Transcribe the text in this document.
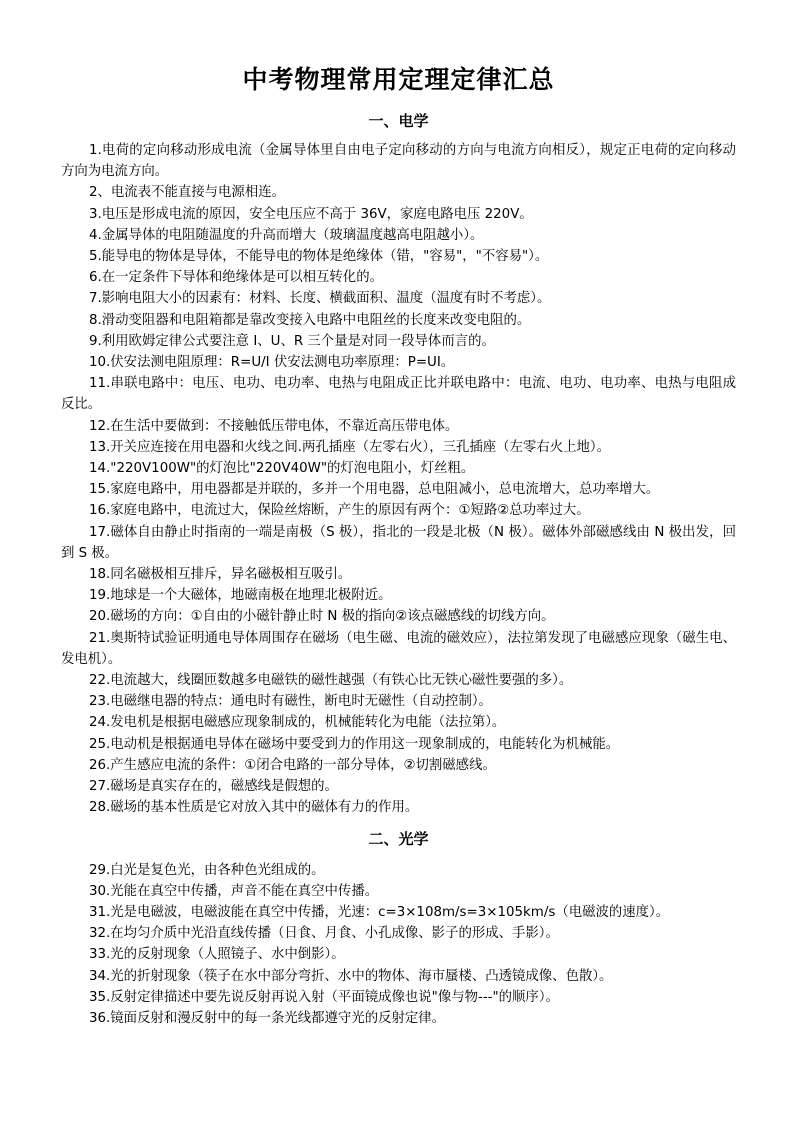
中考物理常用定理定律汇总
一、电学

1.电荷的定向移动形成电流（金属导体里自由电子定向移动的方向与电流方向相反），规定正电荷的定向移动方向为电流方向。

2、电流表不能直接与电源相连。

3.电压是形成电流的原因，安全电压应不高于 36V，家庭电路电压 220V。

4.金属导体的电阻随温度的升高而增大（玻璃温度越高电阻越小）。

5.能导电的物体是导体，不能导电的物体是绝缘体（错，"容易"，"不容易"）。

6.在一定条件下导体和绝缘体是可以相互转化的。

7.影响电阻大小的因素有：材料、长度、横截面积、温度（温度有时不考虑）。

8.滑动变阻器和电阻箱都是靠改变接入电路中电阻丝的长度来改变电阻的。

9.利用欧姆定律公式要注意 I、U、R 三个量是对同一段导体而言的。

10.伏安法测电阻原理：R=U/I 伏安法测电功率原理：P=UI。

11.串联电路中：电压、电功、电功率、电热与电阻成正比并联电路中：电流、电功、电功率、电热与电阻成反比。

12.在生活中要做到：不接触低压带电体，不靠近高压带电体。

13.开关应连接在用电器和火线之间.两孔插座（左零右火），三孔插座（左零右火上地）。

14."220V100W"的灯泡比"220V40W"的灯泡电阻小，灯丝粗。

15.家庭电路中，用电器都是并联的，多并一个用电器，总电阻减小，总电流增大，总功率增大。

16.家庭电路中，电流过大，保险丝熔断，产生的原因有两个：①短路②总功率过大。

17.磁体自由静止时指南的一端是南极（S 极），指北的一段是北极（N 极）。磁体外部磁感线由 N 极出发，回到 S 极。

18.同名磁极相互排斥，异名磁极相互吸引。

19.地球是一个大磁体，地磁南极在地理北极附近。

20.磁场的方向：①自由的小磁针静止时 N 极的指向②该点磁感线的切线方向。

21.奥斯特试验证明通电导体周围存在磁场（电生磁、电流的磁效应），法拉第发现了电磁感应现象（磁生电、发电机）。

22.电流越大，线圈匝数越多电磁铁的磁性越强（有铁心比无铁心磁性要强的多）。

23.电磁继电器的特点：通电时有磁性，断电时无磁性（自动控制）。

24.发电机是根据电磁感应现象制成的，机械能转化为电能（法拉第）。

25.电动机是根据通电导体在磁场中要受到力的作用这一现象制成的，电能转化为机械能。

26.产生感应电流的条件：①闭合电路的一部分导体，②切割磁感线。

27.磁场是真实存在的，磁感线是假想的。

28.磁场的基本性质是它对放入其中的磁体有力的作用。

二、光学

29.白光是复色光，由各种色光组成的。

30.光能在真空中传播，声音不能在真空中传播。

31.光是电磁波，电磁波能在真空中传播，光速：c=3×108m/s=3×105km/s（电磁波的速度）。

32.在均匀介质中光沿直线传播（日食、月食、小孔成像、影子的形成、手影）。

33.光的反射现象（人照镜子、水中倒影）。

34.光的折射现象（筷子在水中部分弯折、水中的物体、海市蜃楼、凸透镜成像、色散）。

35.反射定律描述中要先说反射再说入射（平面镜成像也说"像与物---"的顺序）。

36.镜面反射和漫反射中的每一条光线都遵守光的反射定律。
